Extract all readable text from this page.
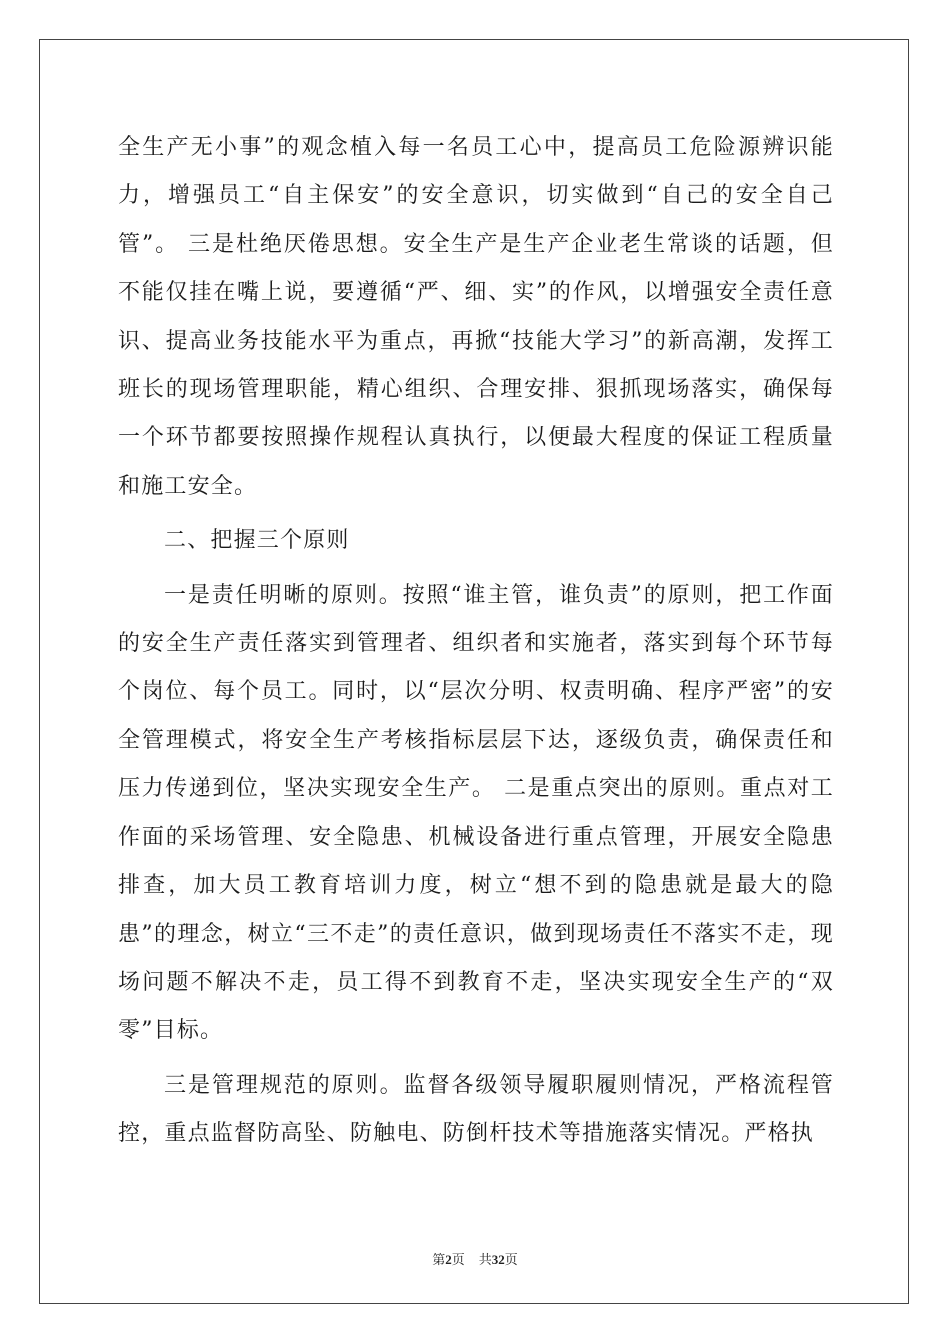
全生产无小事”的观念植入每一名员工心中，提高员工危险源辨识能力，增强员工“自主保安”的安全意识，切实做到“自己的安全自己管”。 三是杜绝厌倦思想。安全生产是生产企业老生常谈的话题，但不能仅挂在嘴上说，要遵循“严、细、实”的作风，以增强安全责任意识、提高业务技能水平为重点，再掀“技能大学习”的新高潮，发挥工班长的现场管理职能，精心组织、合理安排、狠抓现场落实，确保每一个环节都要按照操作规程认真执行，以便最大程度的保证工程质量和施工安全。

二、把握三个原则

一是责任明晰的原则。按照“谁主管，谁负责”的原则，把工作面的安全生产责任落实到管理者、组织者和实施者，落实到每个环节每个岗位、每个员工。同时，以“层次分明、权责明确、程序严密”的安全管理模式，将安全生产考核指标层层下达，逐级负责，确保责任和压力传递到位，坚决实现安全生产。 二是重点突出的原则。重点对工作面的采场管理、安全隐患、机械设备进行重点管理，开展安全隐患排查，加大员工教育培训力度，树立“想不到的隐患就是最大的隐患”的理念，树立“三不走”的责任意识，做到现场责任不落实不走，现场问题不解决不走，员工得不到教育不走，坚决实现安全生产的“双零”目标。

三是管理规范的原则。监督各级领导履职履则情况，严格流程管控，重点监督防高坠、防触电、防倒杆技术等措施落实情况。严格执

第2页 共32页
